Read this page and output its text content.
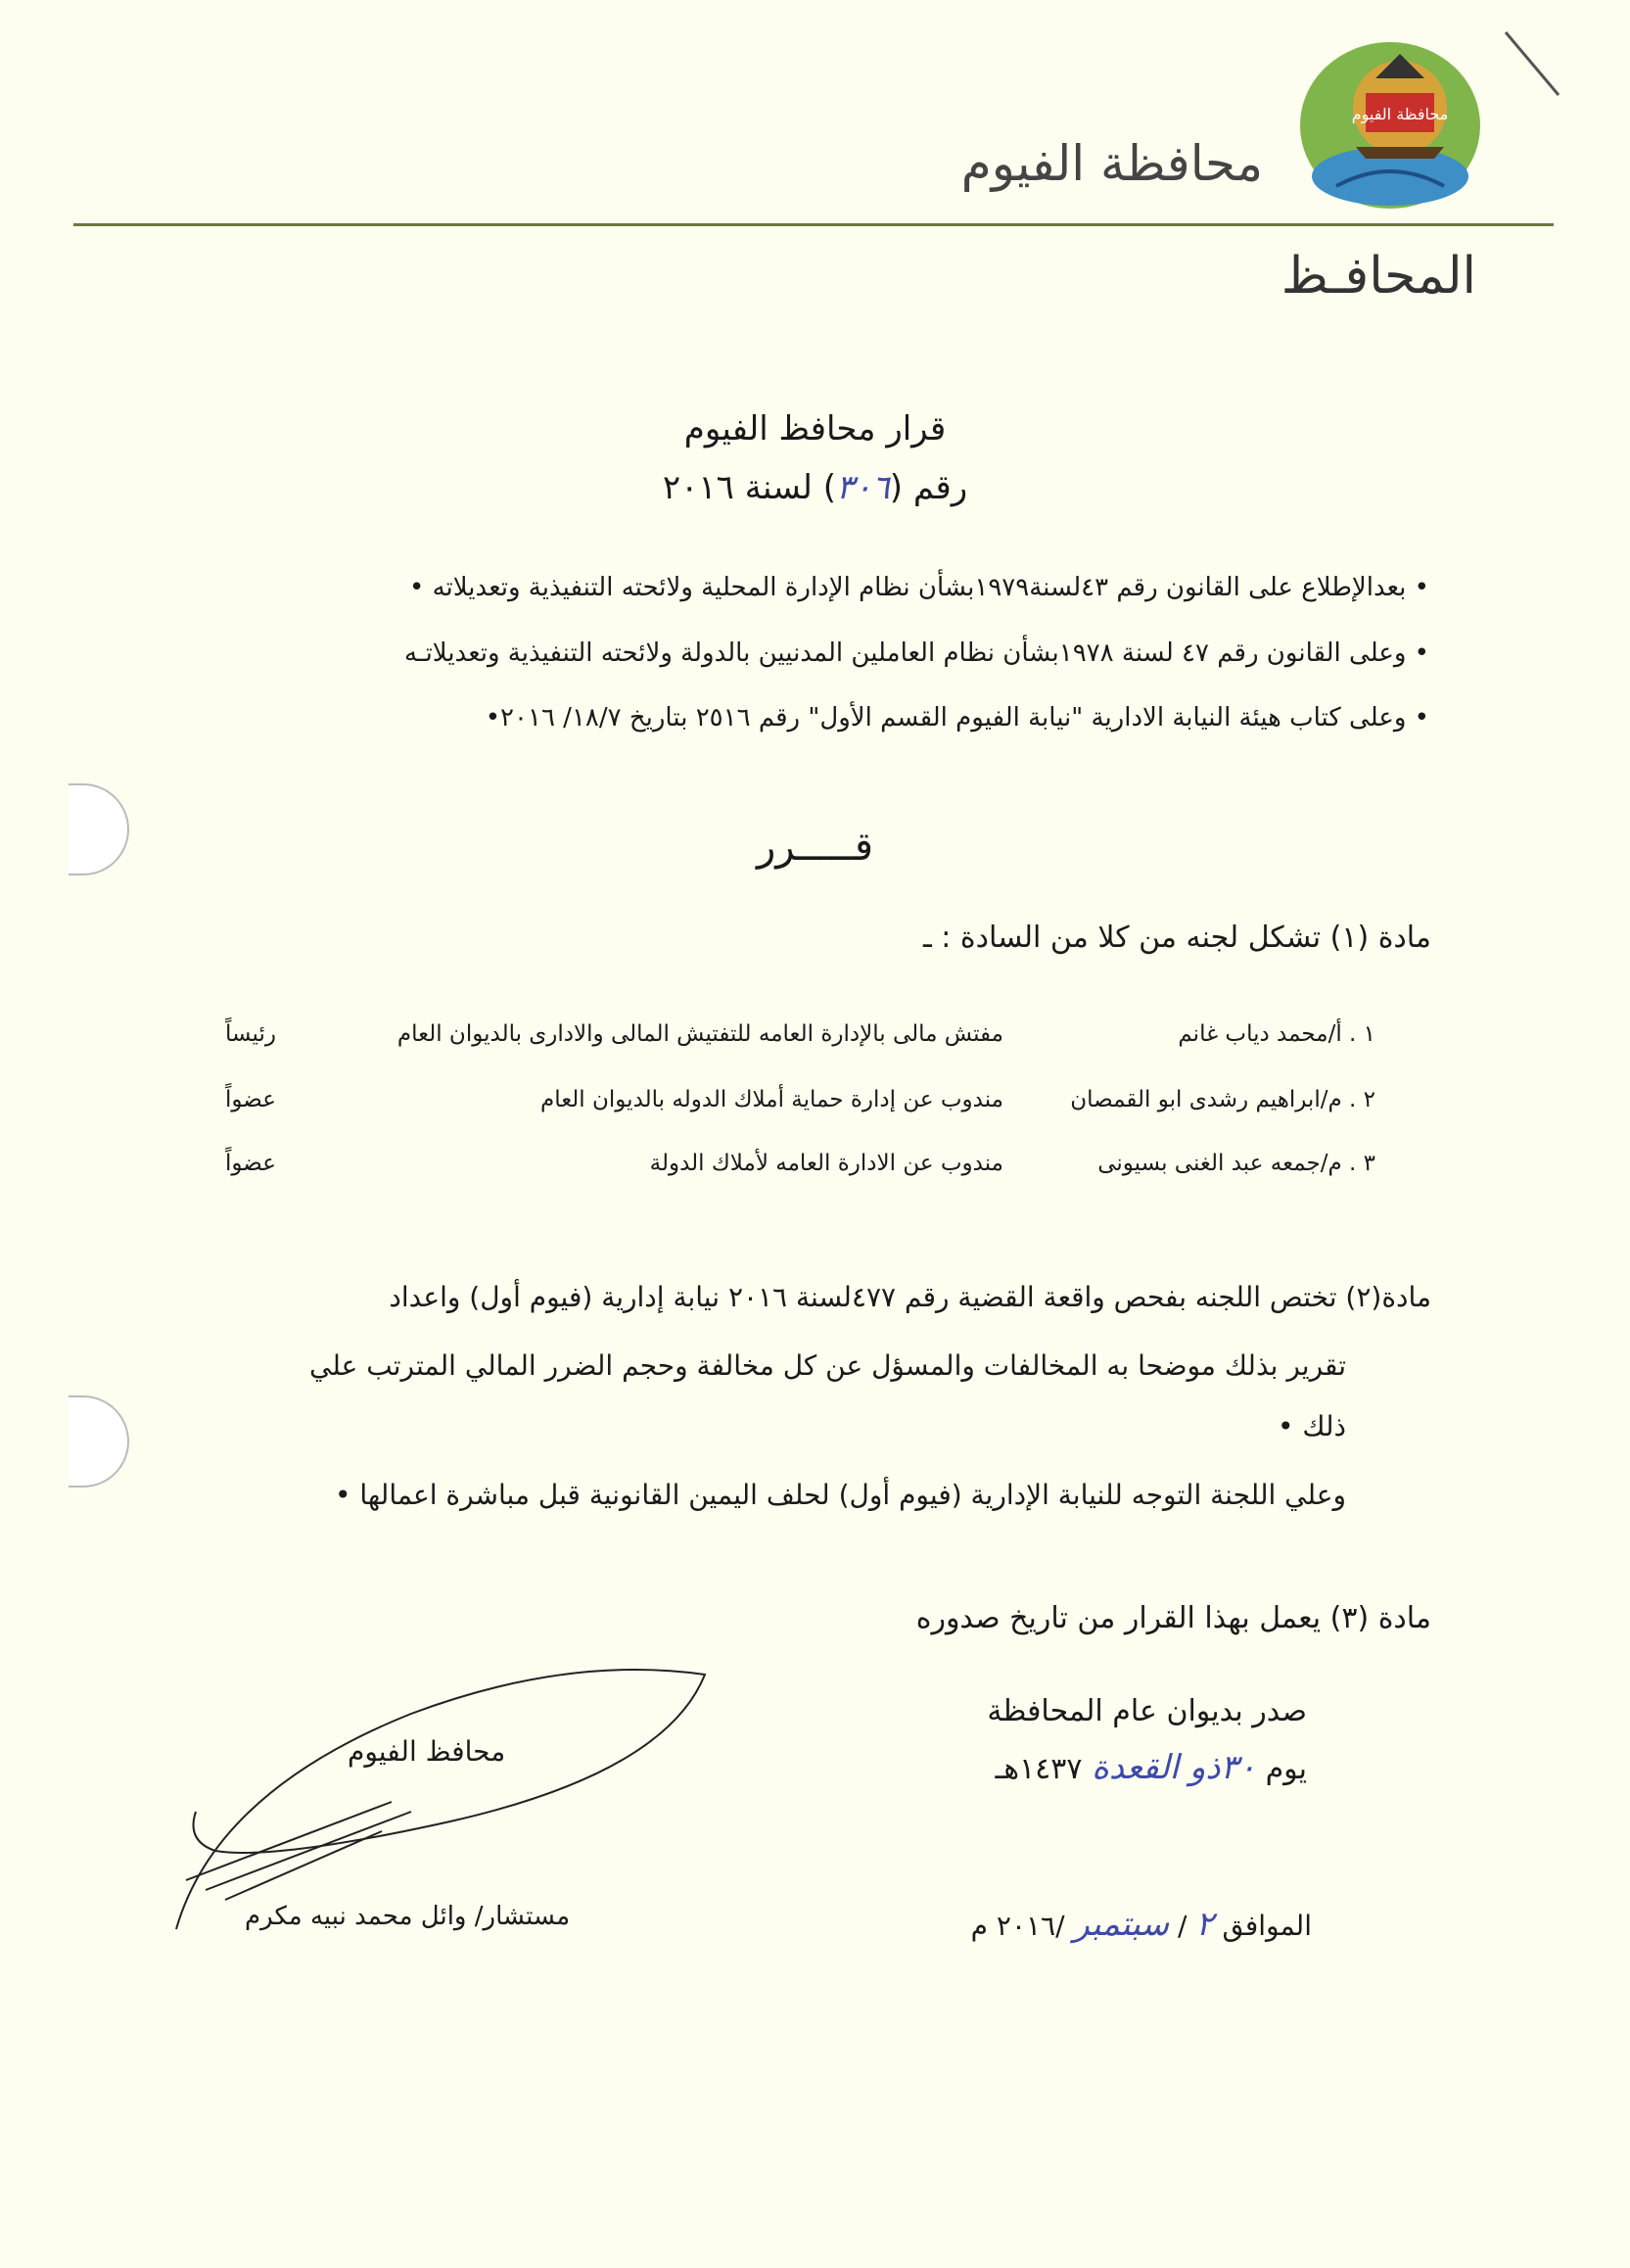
محافظة الفيوم
محافظة الفيوم
المحافـظ
قرار محافظ الفيوم
رقم (٣٠٦) لسنة ٢٠١٦
• بعدالإطلاع على القانون رقم ٤٣لسنة١٩٧٩بشأن نظام الإدارة المحلية ولائحته التنفيذية وتعديلاته •
• وعلى القانون رقم ٤٧ لسنة ١٩٧٨بشأن نظام العاملين المدنيين بالدولة ولائحته التنفيذية وتعديلاتـه
• وعلى كتاب هيئة النيابة الادارية "نيابة الفيوم القسم الأول" رقم ٢٥١٦ بتاريخ ١٨/٧/ ٢٠١٦•
قـــــرر
مادة (١) تشكل لجنه من كلا من السادة : ـ
١ . أ/محمد دياب غانم
مفتش مالى بالإدارة العامه للتفتيش المالى والادارى بالديوان العام
رئيساً
٢ . م/ابراهيم رشدى ابو القمصان
مندوب عن إدارة حماية أملاك الدوله بالديوان العام
عضواً
٣ . م/جمعه عبد الغنى بسيونى
مندوب عن الادارة العامه لأملاك الدولة
عضواً
مادة(٢) تختص اللجنه بفحص واقعة القضية رقم ٤٧٧لسنة ٢٠١٦ نيابة إدارية (فيوم أول) واعداد
تقرير بذلك موضحا به المخالفات والمسؤل عن كل مخالفة وحجم الضرر المالي المترتب علي
ذلك •
وعلي اللجنة التوجه للنيابة الإدارية (فيوم أول) لحلف اليمين القانونية قبل مباشرة اعمالها •
مادة (٣) يعمل بهذا القرار من تاريخ صدوره
صدر بديوان عام المحافظة
يوم ٣٠ذو القعدة ١٤٣٧هـ
محافظ الفيوم
مستشار/ وائل محمد نبيه مكرم	الموافق ٢ / سبتمبر /٢٠١٦ م
